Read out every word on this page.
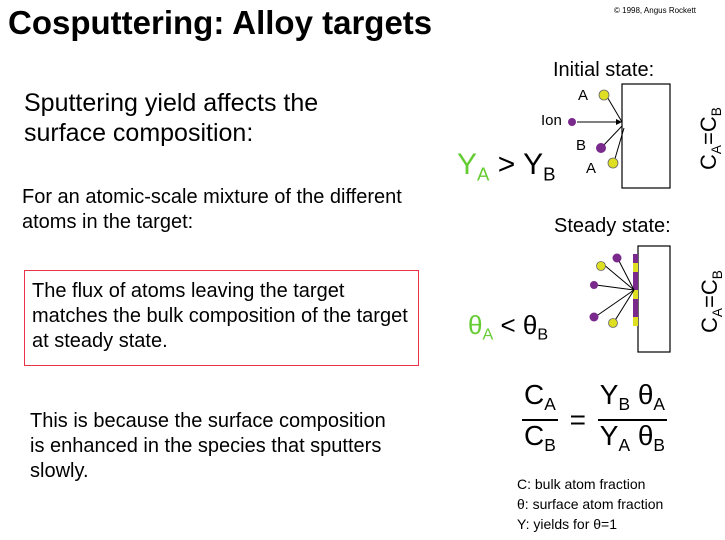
Cosputtering: Alloy targets	© 1998, Angus Rockett
Sputtering yield affects the surface composition:
For an atomic-scale mixture of the different atoms in the target:
The flux of atoms leaving the target matches the bulk composition of the target at steady state.
This is because the surface composition is enhanced in the species that sputters slowly.
Initial state:
A
Ion
B
A	$C_A=C_B$
$Y_A > Y_B$
Steady state:
$C_A=C_B$
$\theta_A < \theta_B$
$\frac{C_A}{C_B} = \frac{Y_B \theta_A}{Y_A \theta_B}$
C: bulk atom fraction
θ: surface atom fraction
Y: yields for θ=1
